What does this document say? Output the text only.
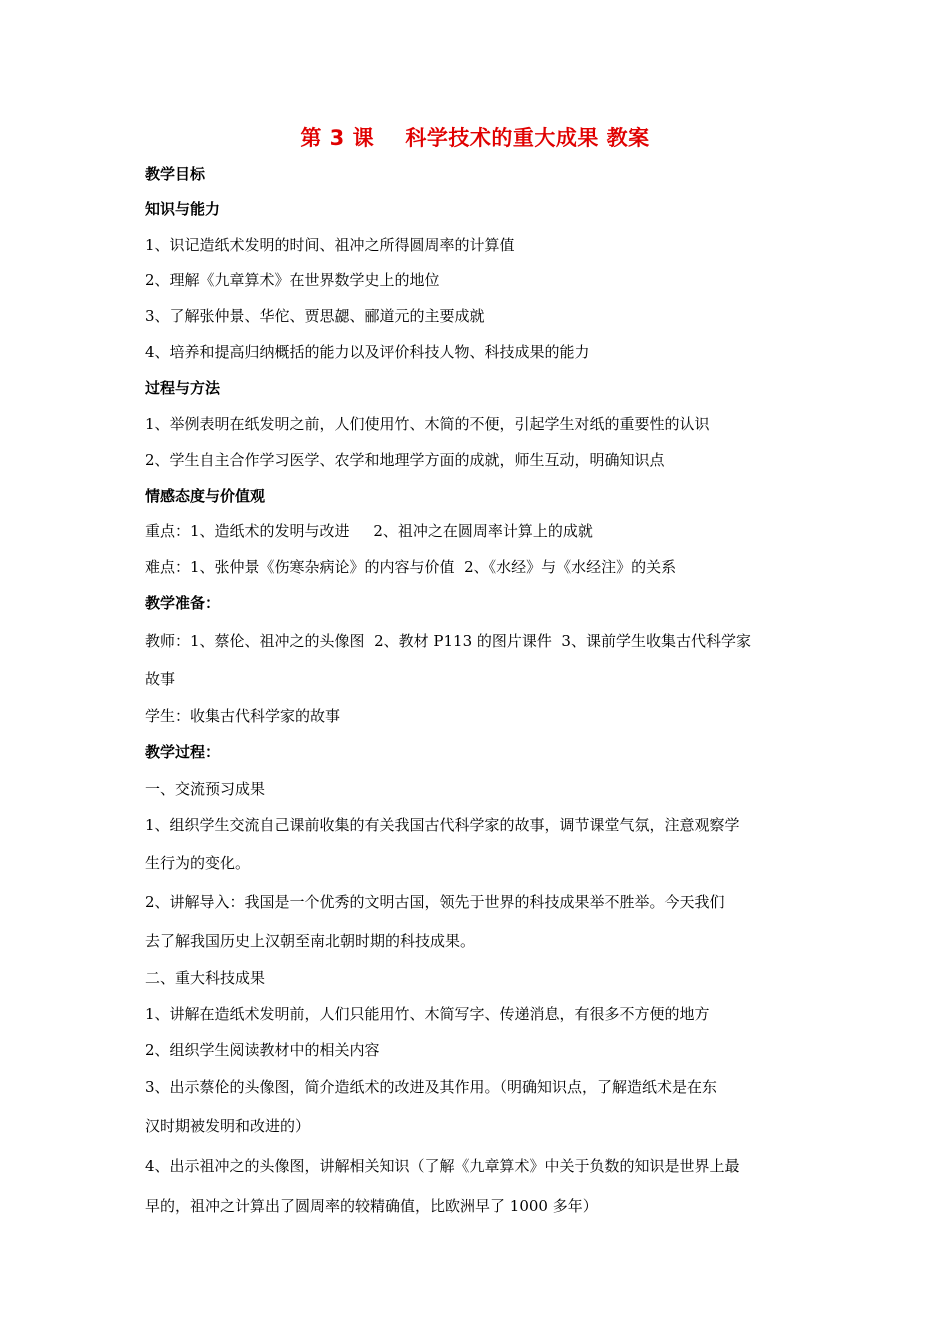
第 3 课    科学技术的重大成果 教案
教学目标
知识与能力
1、识记造纸术发明的时间、祖冲之所得圆周率的计算值
2、理解《九章算术》在世界数学史上的地位
3、了解张仲景、华佗、贾思勰、郦道元的主要成就
4、培养和提高归纳概括的能力以及评价科技人物、科技成果的能力
过程与方法
1、举例表明在纸发明之前，人们使用竹、木简的不便，引起学生对纸的重要性的认识
2、学生自主合作学习医学、农学和地理学方面的成就，师生互动，明确知识点
情感态度与价值观
重点：1、造纸术的发明与改进     2、祖冲之在圆周率计算上的成就
难点：1、张仲景《伤寒杂病论》的内容与价值  2、《水经》与《水经注》的关系
教学准备：
教师：1、蔡伦、祖冲之的头像图  2、教材 P113 的图片课件  3、课前学生收集古代科学家
故事
学生：收集古代科学家的故事
教学过程：
一、交流预习成果
1、组织学生交流自己课前收集的有关我国古代科学家的故事，调节课堂气氛，注意观察学
生行为的变化。
2、讲解导入：我国是一个优秀的文明古国，领先于世界的科技成果举不胜举。今天我们
去了解我国历史上汉朝至南北朝时期的科技成果。
二、重大科技成果
1、讲解在造纸术发明前，人们只能用竹、木简写字、传递消息，有很多不方便的地方
2、组织学生阅读教材中的相关内容
3、出示蔡伦的头像图，简介造纸术的改进及其作用。（明确知识点，了解造纸术是在东
汉时期被发明和改进的）
4、出示祖冲之的头像图，讲解相关知识（了解《九章算术》中关于负数的知识是世界上最
早的，祖冲之计算出了圆周率的较精确值，比欧洲早了 1000 多年）
